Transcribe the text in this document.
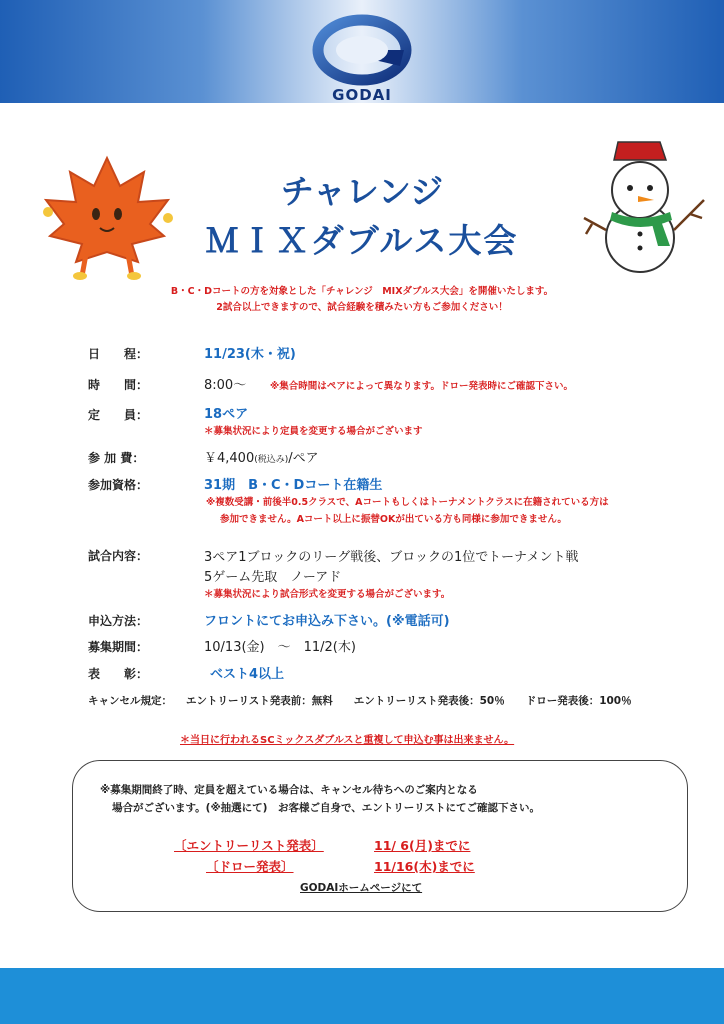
GODAI
チャレンジ
ＭＩＸダブルス大会
B・C・Dコートの方を対象とした「チャレンジ　MIXダブルス大会」を開催いたします。
2試合以上できますので、試合経験を積みたい方もご参加ください！
日　　程：	11/23(木・祝)
時　　間：	8:00～	※集合時間はペアによって異なります。ドロー発表時にご確認下さい。
定　　員：	18ペア
＊募集状況により定員を変更する場合がございます
参 加 費：	￥4,400(税込み)/ペア
参加資格：	31期　B・C・Dコート在籍生
※複数受講・前後半0.5クラスで、Aコートもしくはトーナメントクラスに在籍されている方は
参加できません。Aコート以上に振替OKが出ている方も同様に参加できません。
試合内容：	3ペア1ブロックのリーグ戦後、ブロックの1位でトーナメント戦
5ゲーム先取　ノーアド
＊募集状況により試合形式を変更する場合がございます。
申込方法：	フロントにてお申込み下さい。(※電話可)
募集期間：	10/13(金)　～　11/2(木)
表　　彰：	ベスト4以上
キャンセル規定： エントリーリスト発表前：無料　　エントリーリスト発表後：50％　　ドロー発表後：100％
＊当日に行われるSCミックスダブルスと重複して申込む事は出来ません。
※募集期間終了時、定員を超えている場合は、キャンセル待ちへのご案内となる
場合がございます。(※抽選にて)　お客様ご自身で、エントリーリストにてご確認下さい。
〔エントリーリスト発表〕	11/ 6(月)までに
〔ドロー発表〕	11/16(木)までに
GODAIホームページにて
